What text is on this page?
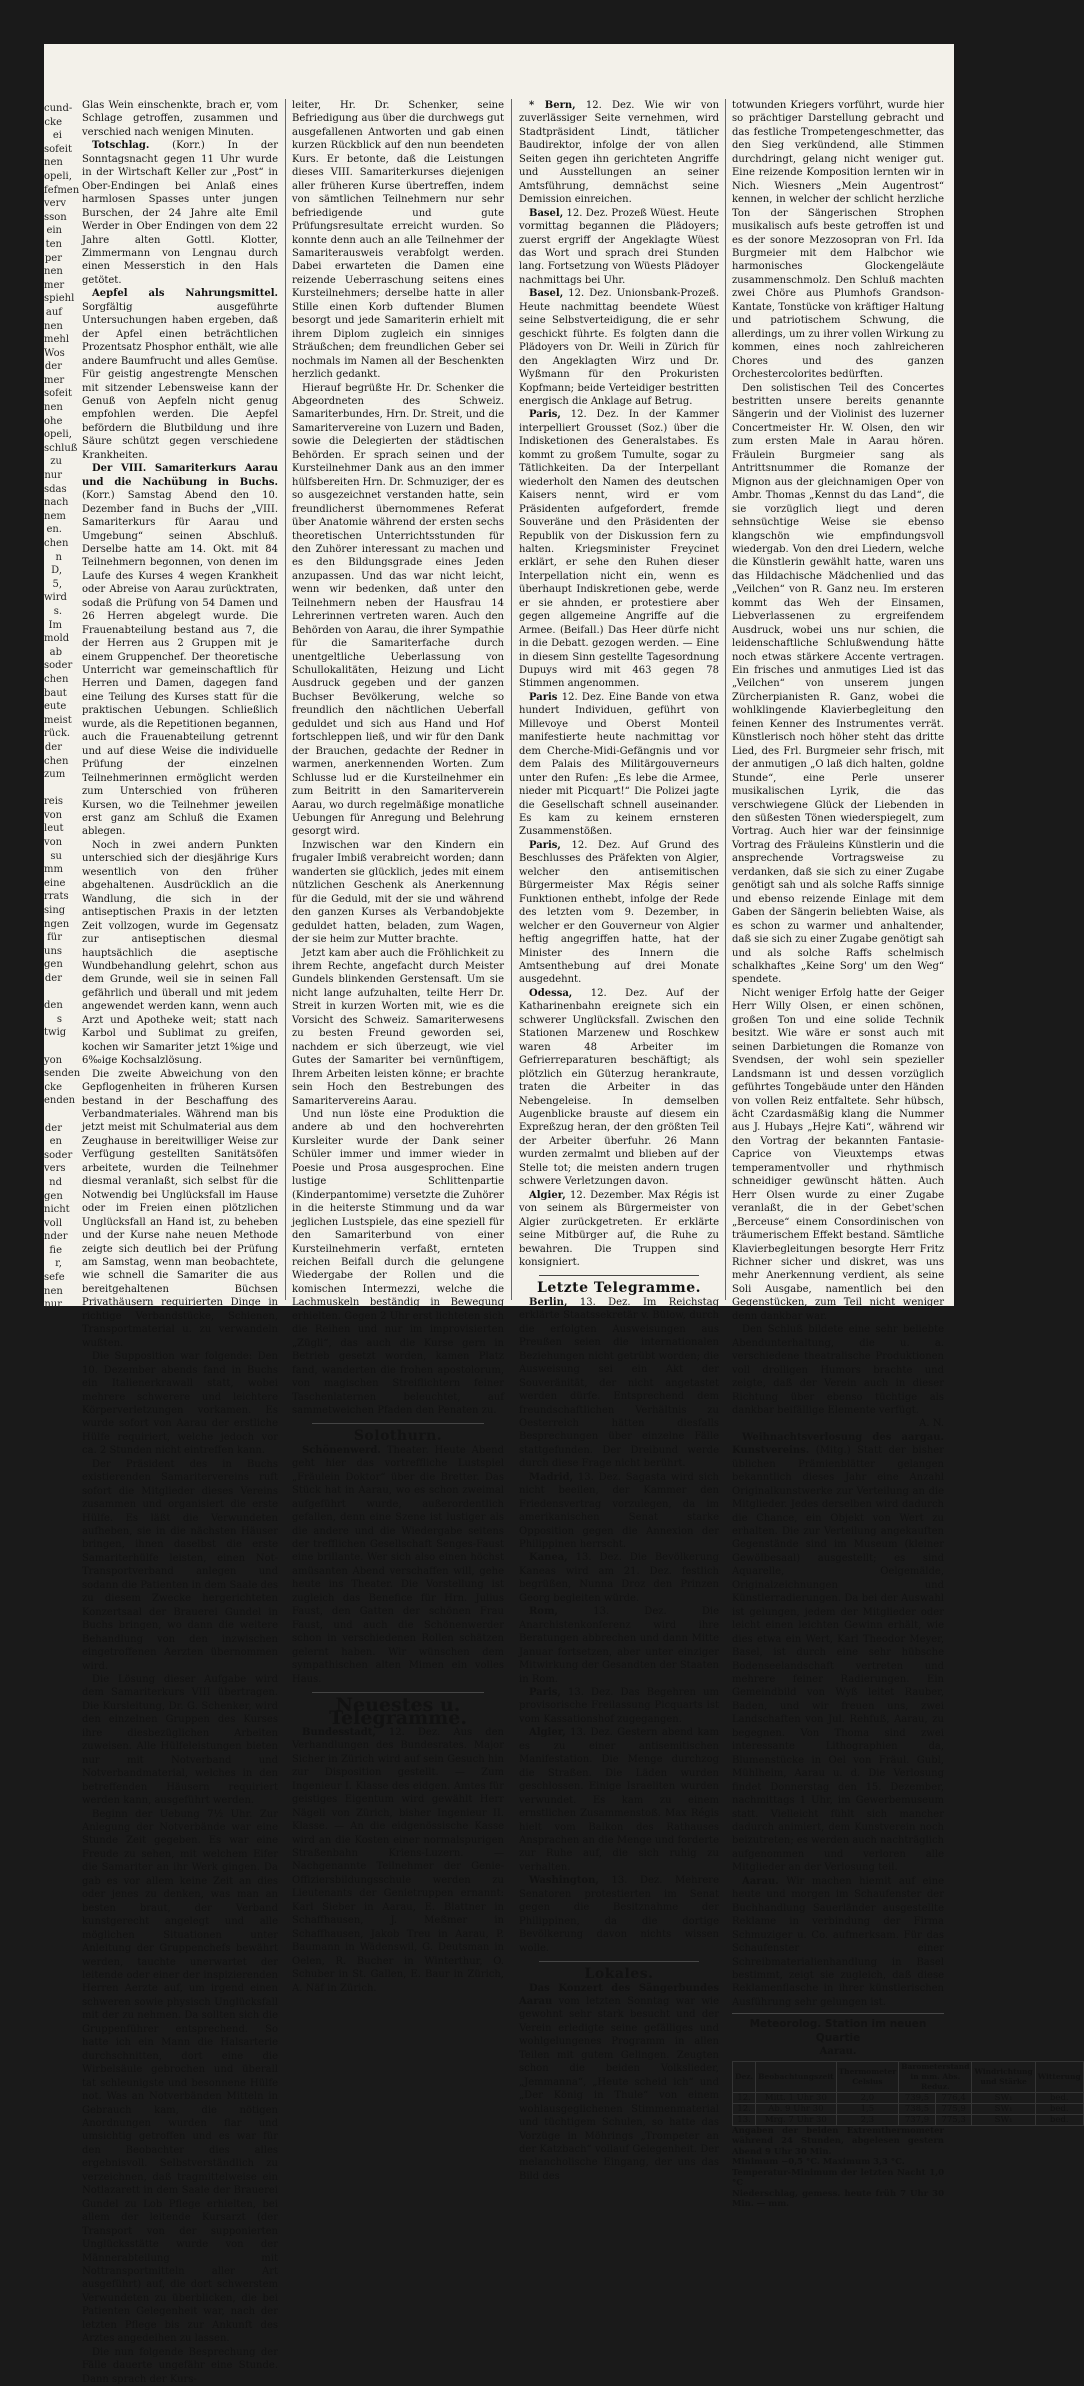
cund-
cke
ei
sofeit
nen
opeli,
fefmen
verv
sson
ein
ten
per
nen
mer
spiehl
auf
nen
mehl
Wos
der
mer
sofeit
nen
ohe
opeli,
schluß
zu
nur
sdas
nach
nem
en.
chen
n
D,
5,
wird
s.
Im
mold
ab
soder
chen
baut
eute
meist
rück.
der
chen
zum

reis
von
leut
von
su
mm
eine
rrats
sing
ngen
für
uns
gen
der

den
s
twig

yon
senden
cke
enden

der
en
soder
vers
nd
gen
nicht
voll
nder
fie
r,
sefe
nen
nur

Glas Wein einschenkte, brach er, vom Schlage getroffen, zusammen und verschied nach wenigen Minuten.

Totschlag. (Korr.) In der Sonntagsnacht gegen 11 Uhr wurde in der Wirtschaft Keller zur „Post“ in Ober-Endingen bei Anlaß eines harmlosen Spasses unter jungen Burschen, der 24 Jahre alte Emil Werder in Ober Endingen von dem 22 Jahre alten Gottl. Klotter, Zimmermann von Lengnau durch einen Messerstich in den Hals getötet.

Aepfel als Nahrungsmittel. Sorgfältig ausgeführte Untersuchungen haben ergeben, daß der Apfel einen beträchtlichen Prozentsatz Phosphor enthält, wie alle andere Baumfrucht und alles Gemüse. Für geistig angestrengte Menschen mit sitzender Lebensweise kann der Genuß von Aepfeln nicht genug empfohlen werden. Die Aepfel befördern die Blutbildung und ihre Säure schützt gegen verschiedene Krankheiten.

Der VIII. Samariterkurs Aarau und die Nachübung in Buchs. (Korr.) Samstag Abend den 10. Dezember fand in Buchs der „VIII. Samariterkurs für Aarau und Umgebung“ seinen Abschluß. Derselbe hatte am 14. Okt. mit 84 Teilnehmern begonnen, von denen im Laufe des Kurses 4 wegen Krankheit oder Abreise von Aarau zurücktraten, sodaß die Prüfung von 54 Damen und 26 Herren abgelegt wurde. Die Frauenabteilung bestand aus 7, die der Herren aus 2 Gruppen mit je einem Gruppenchef. Der theoretische Unterricht war gemeinschaftlich für Herren und Damen, dagegen fand eine Teilung des Kurses statt für die praktischen Uebungen. Schließlich wurde, als die Repetitionen begannen, auch die Frauenabteilung getrennt und auf diese Weise die individuelle Prüfung der einzelnen Teilnehmerinnen ermöglicht werden zum Unterschied von früheren Kursen, wo die Teilnehmer jeweilen erst ganz am Schluß die Examen ablegen.

Noch in zwei andern Punkten unterschied sich der diesjährige Kurs wesentlich von den früher abgehaltenen. Ausdrücklich an die Wandlung, die sich in der antiseptischen Praxis in der letzten Zeit vollzogen, wurde im Gegensatz zur antiseptischen diesmal hauptsächlich die aseptische Wundbehandlung gelehrt, schon aus dem Grunde, weil sie in seinen Fall gefährlich und überall und mit jedem angewendet werden kann, wenn auch Arzt und Apotheke weit; statt nach Karbol und Sublimat zu greifen, kochen wir Samariter jetzt 1%ige und 6‰ige Kochsalzlösung.

Die zweite Abweichung von den Gepflogenheiten in früheren Kursen bestand in der Beschaffung des Verbandmateriales. Während man bis jetzt meist mit Schulmaterial aus dem Zeughause in bereitwilliger Weise zur Verfügung gestellten Sanitätsöfen arbeitete, wurden die Teilnehmer diesmal veranlaßt, sich selbst für die Notwendig bei Unglücksfall im Hause oder im Freien einen plötzlichen Unglücksfall an Hand ist, zu beheben und der Kurse nahe neuen Methode zeigte sich deutlich bei der Prüfung am Samstag, wenn man beobachtete, wie schnell die Samariter die aus bereitgehaltenen Büchsen Privathäusern requirierten Dinge in richtige Verbandstücke, Schienen, Transportmaterial u. zu verwandeln wußten.

Die Supposition war folgende: Den 10. Dezember abends fand in Buchs ein Italienerkrawall statt, wobei mehrere schwerere und leichtere Körperverletzungen vorkamen. Es wurde sofort von Aarau der erstliche Hülfe requiriert, welche jedoch vor ca. 2 Stunden nicht eintreffen kann.

Der Präsident des in Buchs existierenden Samaritervereins ruft sofort die Mitglieder dieses Vereins zusammen und organisiert die erste Hülfe. Es läßt die Verwundeten aufheben, sie in die nächsten Häuser bringen, ihnen daselbst die erste Samariterhülfe leisten, einen Not-Transportverband anlegen und sodann die Patienten in dem Saale des zu diesem Zwecke hergerichteten Konzertsaal der Brauerei Gundel in Buchs bringen, wo dann die weitere Behandlung von den inzwischen eingetroffenen Aerzten übernommen wird.

Die Lösung dieser Aufgabe wird dem Samariterkurs VIII übertragen. Die Kursleitung, Dr. G. Schenker, wird den einzelnen Gruppen des Kurses ihre diesbezüglichen Arbeiten zuweisen. Alle Hülfeleistungen bieten nur mit Notverband und Notverbandmaterial, welches in den betreffenden Häusern requiriert werden kann, ausgeführt werden.

Beginn der Uebung 7½ Uhr. Zur Anlegung der Notverbände war eine Stunde Zeit gegeben. Es war eine Freude zu sehen, mit welchem Eifer die Samariter an ihr Werk gingen. Da gab es vor allem keine Zeit an dies oder jenes zu denken, was man an besten braut, der Verband kunstgerecht angelegt und alle möglichen Situationen unter Anleitung der Gruppenchefs bewährt werden, tauchte unerwartet der leitende oder einer der inspizierenden Herren Aerzte auf, um irgend einen schweren sowie physisch Unglücksfall mit der zu nehmen. Da sollten sich die Gruppenführer entsprechend. So hatte ich ein Mann die Halsarterie durchschnitten, dort eine die Wirbelsäule gebrochen und überall tat schleunigste und besonnene Hülfe not. Was an Notverbänden Mitteln in Gebrauch kam, die nötigen Anordnungen wurden flar und umsichtig getroffen und es war für den Beobachter dies alles ergebnisvoll. Selbstverständlich zu verzeichnen, daß tragmittelweise ein Notlazarett in dem Saale der Brauerei Gundel zu Lob Pflege erhielten, bei allem der leitende Kursarzt (der Transport von der supponierten Unglücksstätte wurde von der Männerabteilung mit Nottransportmitteln aller Art ausgeführt) auf, die dort schwerstem Verwundeten zu überblicken, die bei Patienten Gelegenheit war, nach der letzten Pflege bis zur Ankunft des Arztes angedeihen zu lassen.

Die nun folgende Besprechung der Fälle dauerte ungefähr eine Stunde. Dann sprach der Kurs-

leiter, Hr. Dr. Schenker, seine Befriedigung aus über die durchwegs gut ausgefallenen Antworten und gab einen kurzen Rückblick auf den nun beendeten Kurs. Er betonte, daß die Leistungen dieses VIII. Samariterkurses diejenigen aller früheren Kurse übertreffen, indem von sämtlichen Teilnehmern nur sehr befriedigende und gute Prüfungsresultate erreicht wurden. So konnte denn auch an alle Teilnehmer der Samariterausweis verabfolgt werden. Dabei erwarteten die Damen eine reizende Ueberraschung seitens eines Kursteilnehmers; derselbe hatte in aller Stille einen Korb duftender Blumen besorgt und jede Samariterin erhielt mit ihrem Diplom zugleich ein sinniges Sträußchen; dem freundlichen Geber sei nochmals im Namen all der Beschenkten herzlich gedankt.

Hierauf begrüßte Hr. Dr. Schenker die Abgeordneten des Schweiz. Samariterbundes, Hrn. Dr. Streit, und die Samaritervereine von Luzern und Baden, sowie die Delegierten der städtischen Behörden. Er sprach seinen und der Kursteilnehmer Dank aus an den immer hülfsbereiten Hrn. Dr. Schmuziger, der es so ausgezeichnet verstanden hatte, sein freundlicherst übernommenes Referat über Anatomie während der ersten sechs theoretischen Unterrichtsstunden für den Zuhörer interessant zu machen und es den Bildungsgrade eines Jeden anzupassen. Und das war nicht leicht, wenn wir bedenken, daß unter den Teilnehmern neben der Hausfrau 14 Lehrerinnen vertreten waren. Auch den Behörden von Aarau, die ihrer Sympathie für die Samariterfache durch unentgeltliche Ueberlassung von Schullokalitäten, Heizung und Licht Ausdruck gegeben und der ganzen Buchser Bevölkerung, welche so freundlich den nächtlichen Ueberfall geduldet und sich aus Hand und Hof fortschleppen ließ, und wir für den Dank der Brauchen, gedachte der Redner in warmen, anerkennenden Worten. Zum Schlusse lud er die Kursteilnehmer ein zum Beitritt in den Samariterverein Aarau, wo durch regelmäßige monatliche Uebungen für Anregung und Belehrung gesorgt wird.

Inzwischen war den Kindern ein frugaler Imbiß verabreicht worden; dann wanderten sie glücklich, jedes mit einem nützlichen Geschenk als Anerkennung für die Geduld, mit der sie und während den ganzen Kurses als Verbandobjekte geduldet hatten, beladen, zum Wagen, der sie heim zur Mutter brachte.

Jetzt kam aber auch die Fröhlichkeit zu ihrem Rechte, angefacht durch Meister Gundels blinkenden Gerstensaft. Um sie nicht lange aufzuhalten, teilte Herr Dr. Streit in kurzen Worten mit, wie es die Vorsicht des Schweiz. Samariterwesens zu besten Freund geworden sei, nachdem er sich überzeugt, wie viel Gutes der Samariter bei vernünftigem, Ihrem Arbeiten leisten könne; er brachte sein Hoch den Bestrebungen des Samaritervereins Aarau.

Und nun löste eine Produktion die andere ab und den hochverehrten Kursleiter wurde der Dank seiner Schüler immer und immer wieder in Poesie und Prosa ausgesprochen. Eine lustige Schlittenpartie (Kinderpantomime) versetzte die Zuhörer in die heiterste Stimmung und da war jeglichen Lustspiele, das eine speziell für den Samariterbund von einer Kursteilnehmerin verfaßt, ernteten reichen Beifall durch die gelungene Wiedergabe der Rollen und die komischen Intermezzi, welche die Lachmuskeln beständig in Bewegung erhielten. Gegen 2 Uhr erst lichteten sich die Reihen und nur im improvisierten „Zügli“, das auch die Kurse gern in Betrieb gesetzt worden, kamen Platz fand, wanderten die frohen apostolorum, von magischen Streiflichtern feiner Taschenlaternen beleuchtet, auf sammetweichen Pfaden den Penaten zu.

Solothurn.

Schönenwerd. Theater. Heute Abend geht hier das vortreffliche Lustspiel „Fräulein Doktor“ über die Bretter. Das Stück hat in Aarau, wo es schon zweimal aufgeführt wurde, außerordentlich gefallen, denn eine Szene ist lustiger als die andere und die Wiedergabe seitens der trefflichen Gesellschaft Senges-Faust eine brillante. Wer sich also einen höchst amüsanten Abend verschaffen will, gehe heute ins Theater. Die Vorstellung ist zugleich das Benefice für Hrn. Julius Faust, den Gatten der schönen Frau Faust, und auch die Schönenwerder schon in verschiedenen Rollen schätzen gelernt haben. Wir wünschen dem sympathischen alten Mimen ein volles Haus.

Neuestes u. Telegramme.

Bundesstadt, 12. Dez. Aus den Verhandlungen des Bundesrates. Major Sicher in Zürich wird auf sein Gesuch hin zur Disposition gestellt. — Zum Ingenieur I. Klasse des eidgen. Amtes für geistiges Eigentum wird gewählt Herr Nägeli von Zürich, bisher Ingenieur II. Klasse. — An die eidgenössische Kasse wird an die Kosten einer normalspurigen Straßenbahn Kriens-Luzern. — Nachgenannte Teilnehmer der Genie-Offiziersbildungsschule werden zu Lieutenants der Genietruppen ernannt: Karl Sieber in Aarau, E. Blattner in Schaffhausen, J. Meßmer in Schaffhausen, Jakob Treu in Aarau, P. Baumann in Wädenswil, G. Deutsman in Oelen, R. Bucher in Winterthur, O. Schuber in St. Gallen, E. Baur in Zürich, A. Näf in Zürich.

* Bern, 12. Dez. Wie wir von zuverlässiger Seite vernehmen, wird Stadtpräsident Lindt, tätlicher Baudirektor, infolge der von allen Seiten gegen ihn gerichteten Angriffe und Ausstellungen an seiner Amtsführung, demnächst seine Demission einreichen.

Basel, 12. Dez. Prozeß Wüest. Heute vormittag begannen die Plädoyers; zuerst ergriff der Angeklagte Wüest das Wort und sprach drei Stunden lang. Fortsetzung von Wüests Plädoyer nachmittags bei Uhr.

Basel, 12. Dez. Unionsbank-Prozeß. Heute nachmittag beendete Wüest seine Selbstverteidigung, die er sehr geschickt führte. Es folgten dann die Plädoyers von Dr. Weili in Zürich für den Angeklagten Wirz und Dr. Wyßmann für den Prokuristen Kopfmann; beide Verteidiger bestritten energisch die Anklage auf Betrug.

Paris, 12. Dez. In der Kammer interpelliert Grousset (Soz.) über die Indisketionen des Generalstabes. Es kommt zu großem Tumulte, sogar zu Tätlichkeiten. Da der Interpellant wiederholt den Namen des deutschen Kaisers nennt, wird er vom Präsidenten aufgefordert, fremde Souveräne und den Präsidenten der Republik von der Diskussion fern zu halten. Kriegsminister Freycinet erklärt, er sehe den Ruhen dieser Interpellation nicht ein, wenn es überhaupt Indiskretionen gebe, werde er sie ahnden, er protestiere aber gegen allgemeine Angriffe auf die Armee. (Beifall.) Das Heer dürfe nicht in die Debatt. gezogen werden. — Eine in diesem Sinn gestellte Tagesordnung Dupuys wird mit 463 gegen 78 Stimmen angenommen.

Paris 12. Dez. Eine Bande von etwa hundert Individuen, geführt von Millevoye und Oberst Monteil manifestierte heute nachmittag vor dem Cherche-Midi-Gefängnis und vor dem Palais des Militärgouverneurs unter den Rufen: „Es lebe die Armee, nieder mit Picquart!“ Die Polizei jagte die Gesellschaft schnell auseinander. Es kam zu keinem ernsteren Zusammenstößen.

Paris, 12. Dez. Auf Grund des Beschlusses des Präfekten von Algier, welcher den antisemitischen Bürgermeister Max Régis seiner Funktionen enthebt, infolge der Rede des letzten vom 9. Dezember, in welcher er den Gouverneur von Algier heftig angegriffen hatte, hat der Minister des Innern die Amtsenthebung auf drei Monate ausgedehnt.

Odessa, 12. Dez. Auf der Katharinenbahn ereignete sich ein schwerer Unglücksfall. Zwischen den Stationen Marzenew und Roschkew waren 48 Arbeiter im Gefrierreparaturen beschäftigt; als plötzlich ein Güterzug herankraute, traten die Arbeiter in das Nebengeleise. In demselben Augenblicke brauste auf diesem ein Expreßzug heran, der den größten Teil der Arbeiter überfuhr. 26 Mann wurden zermalmt und blieben auf der Stelle tot; die meisten andern trugen schwere Verletzungen davon.

Algier, 12. Dezember. Max Régis ist von seinem als Bürgermeister von Algier zurückgetreten. Er erklärte seine Mitbürger auf, die Ruhe zu bewahren. Die Truppen sind konsigniert.

Letzte Telegramme.

Berlin, 13. Dez. Im Reichstag erklärte Staatssekretär v. Bülow, durch die erfolgten Ausweisungen aus Preußen seien die internationalen Beziehungen nicht getrübt worden; die Ausweisung sei ein Akt der Souveränität, der nicht angetastet werden dürfe. Entsprechend dem freundschaftlichen Verhältnis zu Oesterreich hätten diesfalls Besprechungen über einzelne Fälle stattgefunden. Der Dreibund werde durch diese Frage nicht berührt.

Madrid, 13. Dez. Sagasta wird sich nicht beeilen, der Kammer den Friedensvertrag vorzulegen, da im amerikanischen Senat starke Opposition gegen die Annexion der Philippinen herrscht.

Kanea, 13. Dez. Die Bevölkerung Kaneas wird am 21. Dez. festlich begrüßen, Nunna Droz den Prinzen Georg begleiten würde.

Rom, 13. Dez. Die Anarchistenkonferenz wird ihre Beratungen abbrechen und dann Mitte Januar fortsetzen, aber unter einziger Mitwirkung der Gesandten der Staaten in Rom.

Paris, 13. Dez. Das Begehren um provisorische Freilassung Picquarts ist vom Kassationshof zugegangen.

Algier, 13. Dez. Gestern abend kam es zu einer antisemitischen Manifestation. Die Menge durchzog die Straßen. Die Läden wurden geschlossen. Einige Israeliten wurden verwundet. Es kam zu einem ernstlichen Zusammenstoß. Max Régis hielt vom Balkon des Rathauses Ansprachen an die Menge und forderte zur Ruhe auf, die sich ruhig zu verhalten.

Washington, 13. Dez. Mehrere Senatoren protestierten im Senat gegen die Besitznahme der Philippinen, da die dortige Bevölkerung davon nichts wissen wolle.

Lokales.

Das Konzert des Sängerbundes Aarau vom letzten Sonntag war wie gewohnt sehr stark besucht und der Verein erledigte seine gefälliges und wohlgelungenes Programm in allen Teilen mit gutem Gelingen. Zeugten schon die beiden Volkslieder, „Jemmanna“, „Heute scheid ich“ und „Der König in Thule“ von einem wohlausgeglichenen Stimmenmaterial und tüchtigem Schulen, so hatte das Vorzüge in Möhrings „Trompeter an der Katzbach“ vollauf Gelegenheit. Der melancholische Eingang, der uns das Bild des

totwunden Kriegers vorführt, wurde hier so prächtiger Darstellung gebracht und das festliche Trompetengeschmetter, das den Sieg verkündend, alle Stimmen durchdringt, gelang nicht weniger gut. Eine reizende Komposition lernten wir in Nich. Wiesners „Mein Augentrost“ kennen, in welcher der schlicht herzliche Ton der Sängerischen Strophen musikalisch aufs beste getroffen ist und es der sonore Mezzosopran von Frl. Ida Burgmeier mit dem Halbchor wie harmonisches Glockengeläute zusammenschmolz. Den Schluß machten zwei Chöre aus Plumhofs Grandson-Kantate, Tonstücke von kräftiger Haltung und patriotischem Schwung, die allerdings, um zu ihrer vollen Wirkung zu kommen, eines noch zahlreicheren Chores und des ganzen Orchestercolorites bedürften.

Den solistischen Teil des Concertes bestritten unsere bereits genannte Sängerin und der Violinist des luzerner Concertmeister Hr. W. Olsen, den wir zum ersten Male in Aarau hören. Fräulein Burgmeier sang als Antrittsnummer die Romanze der Mignon aus der gleichnamigen Oper von Ambr. Thomas „Kennst du das Land“, die sie vorzüglich liegt und deren sehnsüchtige Weise sie ebenso klangschön wie empfindungsvoll wiedergab. Von den drei Liedern, welche die Künstlerin gewählt hatte, waren uns das Hildachische Mädchenlied und das „Veilchen“ von R. Ganz neu. Im ersteren kommt das Weh der Einsamen, Liebverlassenen zu ergreifendem Ausdruck, wobei uns nur schien, die leidenschaftliche Schlußwendung hätte noch etwas stärkere Accente vertragen. Ein frisches und anmutiges Lied ist das „Veilchen“ von unserem jungen Zürcherpianisten R. Ganz, wobei die wohlklingende Klavierbegleitung den feinen Kenner des Instrumentes verrät. Künstlerisch noch höher steht das dritte Lied, des Frl. Burgmeier sehr frisch, mit der anmutigen „O laß dich halten, goldne Stunde“, eine Perle unserer musikalischen Lyrik, die das verschwiegene Glück der Liebenden in den süßesten Tönen wiederspiegelt, zum Vortrag. Auch hier war der feinsinnige Vortrag des Fräuleins Künstlerin und die ansprechende Vortragsweise zu verdanken, daß sie sich zu einer Zugabe genötigt sah und als solche Raffs sinnige und ebenso reizende Einlage mit dem Gaben der Sängerin beliebten Waise, als es schon zu warmer und anhaltender, daß sie sich zu einer Zugabe genötigt sah und als solche Raffs schelmisch schalkhaftes „Keine Sorg' um den Weg“ spendete.

Nicht weniger Erfolg hatte der Geiger Herr Willy Olsen, er einen schönen, großen Ton und eine solide Technik besitzt. Wie wäre er sonst auch mit seinen Darbietungen die Romanze von Svendsen, der wohl sein spezieller Landsmann ist und dessen vorzüglich geführtes Tongebäude unter den Händen von vollen Reiz entfaltete. Sehr hübsch, ächt Czardasmäßig klang die Nummer aus J. Hubays „Hejre Kati“, während wir den Vortrag der bekannten Fantasie-Caprice von Vieuxtemps etwas temperamentvoller und rhythmisch schneidiger gewünscht hätten. Auch Herr Olsen wurde zu einer Zugabe veranlaßt, die in der Gebet'schen „Berceuse“ einem Consordinischen von träumerischem Effekt bestand. Sämtliche Klavierbegleitungen besorgte Herr Fritz Richner sicher und diskret, was uns mehr Anerkennung verdient, als seine Soli Ausgabe, namentlich bei den Gegenstücken, zum Teil nicht weniger denn dankbar war.

Den Schluß bildete eine sehr beliebte Abendunterhaltung, die u. a. verschiedene theatralische Produktionen voll drolligen Humors brachte und zeigte, daß der Verein auch in dieser Richtung über ebenso tüchtige als dankbar beifällige Elemente verfügt.

A. N.

Weihnachtsverlosung des aargau. Kunstvereins. (Mitg.) Statt der bisher üblichen Prämienblätter gelangen bekanntlich dieses Jahr eine Anzahl Originalkunstwerke zur Verteilung an die Mitglieder. Jedes derselben wird dadurch die Chance, ein Objekt von Wert zu erhalten. Die zur Verteilung angekauften Gegenstände sind im Museum (kleiner Gewölbesaal) ausgestellt; es sind Aquarelle, Oelgemälde, Originalzeichnungen und Künstlerradierungen. Da bei der Auswahl ist gelungen, jedem der Mitglieder oder leicht einen leichten Gewinn erhält, wie dies etwa ein Wert, Karl Theodor Meyer, Basel, ist durch eine sehr hübsche Bodenseelandschaft vertreten und mehrere feiner Radierungen. Ein Gemeindbild von Wyß leitet Rauber, Baden, und wir freuen uns, zwei Landschaften von Jul. Rehfuß, Aarau, zu begegnen. Von Thoma sind zwei interessante Lithographien da, Blumenstücke in Oel von Fräul. Gubl, Mühlheim, Aarau u. d. Die Verlosung findet Donnerstag den 15. Dezember, nachmittags 1 Uhr, im Gewerbemuseum statt. Vielleicht fühlt sich mancher dadurch animiert, dem Kunstverein noch beizutreten; es werden auch nachträglich aufgenommen und verloren alle Mitglieder an der Verlosung teil.

Aarau. Wir machen hiemit auf eine heute und morgen im Schaufenster der Buchhandlung Sauerländer ausgestellte Reklame in verbindung der Firma Schmuziger u. Co. aufmerksam. Für das Schaufenster einer Schreibmaterialienhandlung in Basel bestimmt, zeigt sie zugleich, daß diese Reklamenflasche in ihrer künstlerischen Ausführung sehr gelungen ist.

Meteorolog. Station im neuen Quartie

Aarau.

Dez.	Beobachtungszeit	Thermometer Celsius	Barometerstand in mm. Abs. Reduz.		Windrichtung und Stärke	Witterung
12.	Mitt. 1 Uhr 30	2,0	739,5	776,4	SW₁	bed.
12.	Ab. 9 Uhr 30	1,5	738,5	775,9	SW₁	bed.
13.	Mrg. 7 Uhr 30	2,3	737,9	775,3	SW₁	bed.

Angaben der beiden Extremthermometer während 24 Stunden, abgelesen gestern Abend 9 Uhr 30 Min.

Minimum −0,5 °C. Maximum 3,3 °C.

Temperatur-Minimum der letzten Nacht 1,0 °C

Niederschlag, gemess. heute früh 7 Uhr 30 Min. — mm.
